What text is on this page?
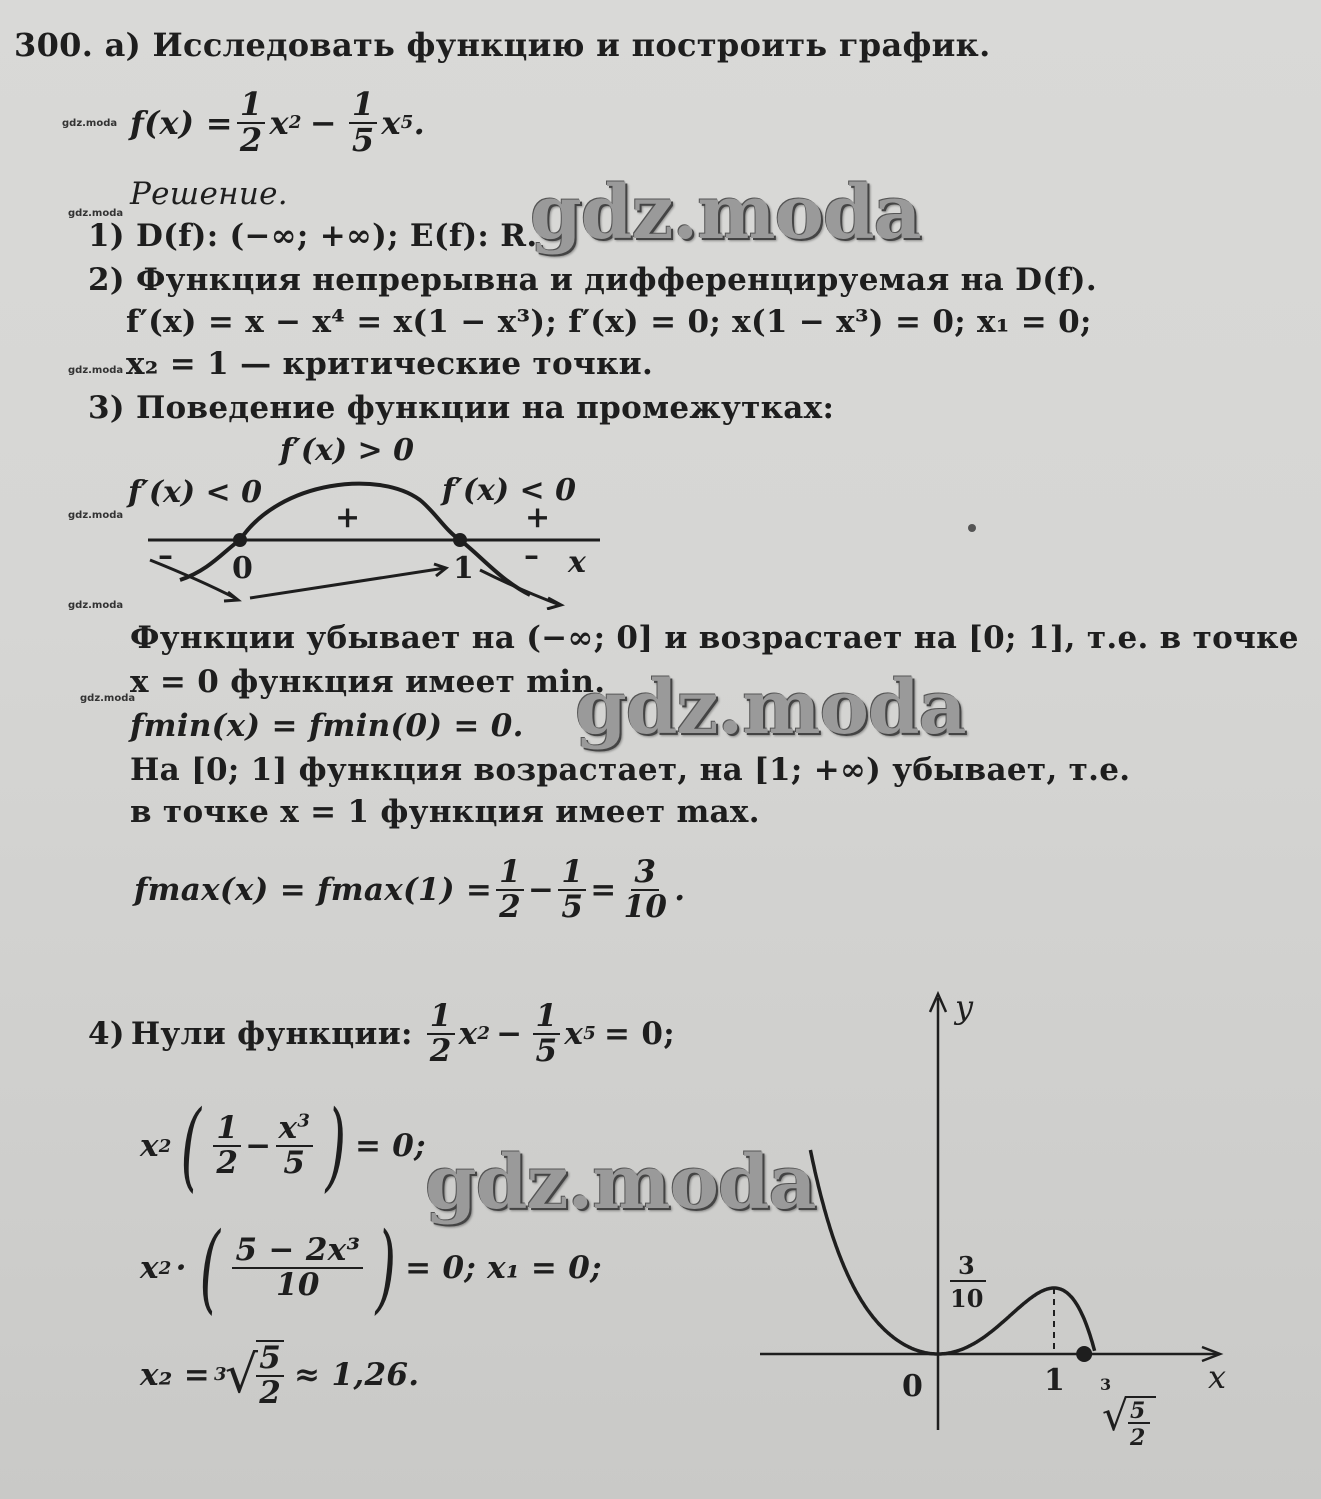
gdz.moda
gdz.moda
gdz.moda
gdz.moda
gdz.moda
gdz.moda
300. а) Исследовать функцию и построить график.
$f(x) = \frac{1}{2}$ x $2 - \frac{1}{5}$ x 5 .
Решение.
1) D(f): (−∞; +∞); E(f): R.
2) Функция непрерывна и дифференцируемая на D(f).
f′(x) = x − x⁴ = x(1 − x³); f′(x) = 0; x(1 − x³) = 0; x₁ = 0;
x₂ = 1 — критические точки.
3) Поведение функции на промежутках:
f′(x) > 0
f′(x) < 0	f′(x) < 0
+	+
–	–
0	1	x
Функции убывает на (−∞; 0] и возрастает на [0; 1], т.е. в точке
x = 0 функция имеет min.
fmin(x) = fmin(0) = 0.
На [0; 1] функция возрастает, на [1; +∞) убывает, т.е.
в точке x = 1 функция имеет max.
$fmax(x) = fmax(1) = \frac{1}{2} - \frac{1}{5} = \frac{3}{10}$ .
4) Нули функции: $\frac{1}{2}$ x $2 - \frac{1}{5}$ x 5 = 0;
x 2 ( $\frac{1}{2} - \frac{x^3}{5}$ ) = 0;
x 2 · ( $\frac{\text{5 − 2x³}}{10}$ ) = 0; x₁ = 0;
x₂ = 3
√
$\frac{5}{2} \approx 1,26$.
y
x
0	1
3
10
3
√ 5
2
gdz.moda
gdz.moda
gdz.moda
